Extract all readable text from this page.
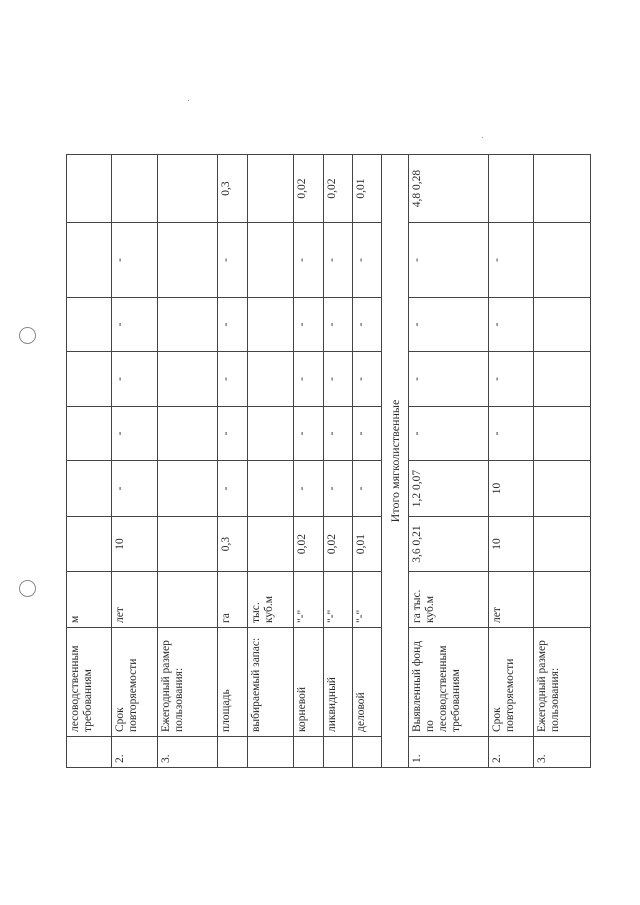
	лесоводственным требованиям	м								
2.	Срок повторяемости	лет	10	-	-	-	-	-		
3.	Ежегодный размер пользования:									
	площадь	га	0,3	-	-	-	-	-		0,3
	выбираемый запас:	тыс. куб.м								
	корневой	"-"	0,02	-	-	-	-	-		0,02
	ликвидный	"-"	0,02	-	-	-	-	-		0,02
	деловой	"-"	0,01	-	-	-	-	-		0,01
Итого мягколиственные									
1.	Выявленный фонд по лесоводственным требованиям	га тыс. куб.м	3,6 0,21	1,2 0,07	-	-	-	-		4,8 0,28
2.	Срок повторяемости	лет	10	10	-	-	-	-		
3.	Ежегодный размер пользования:									
